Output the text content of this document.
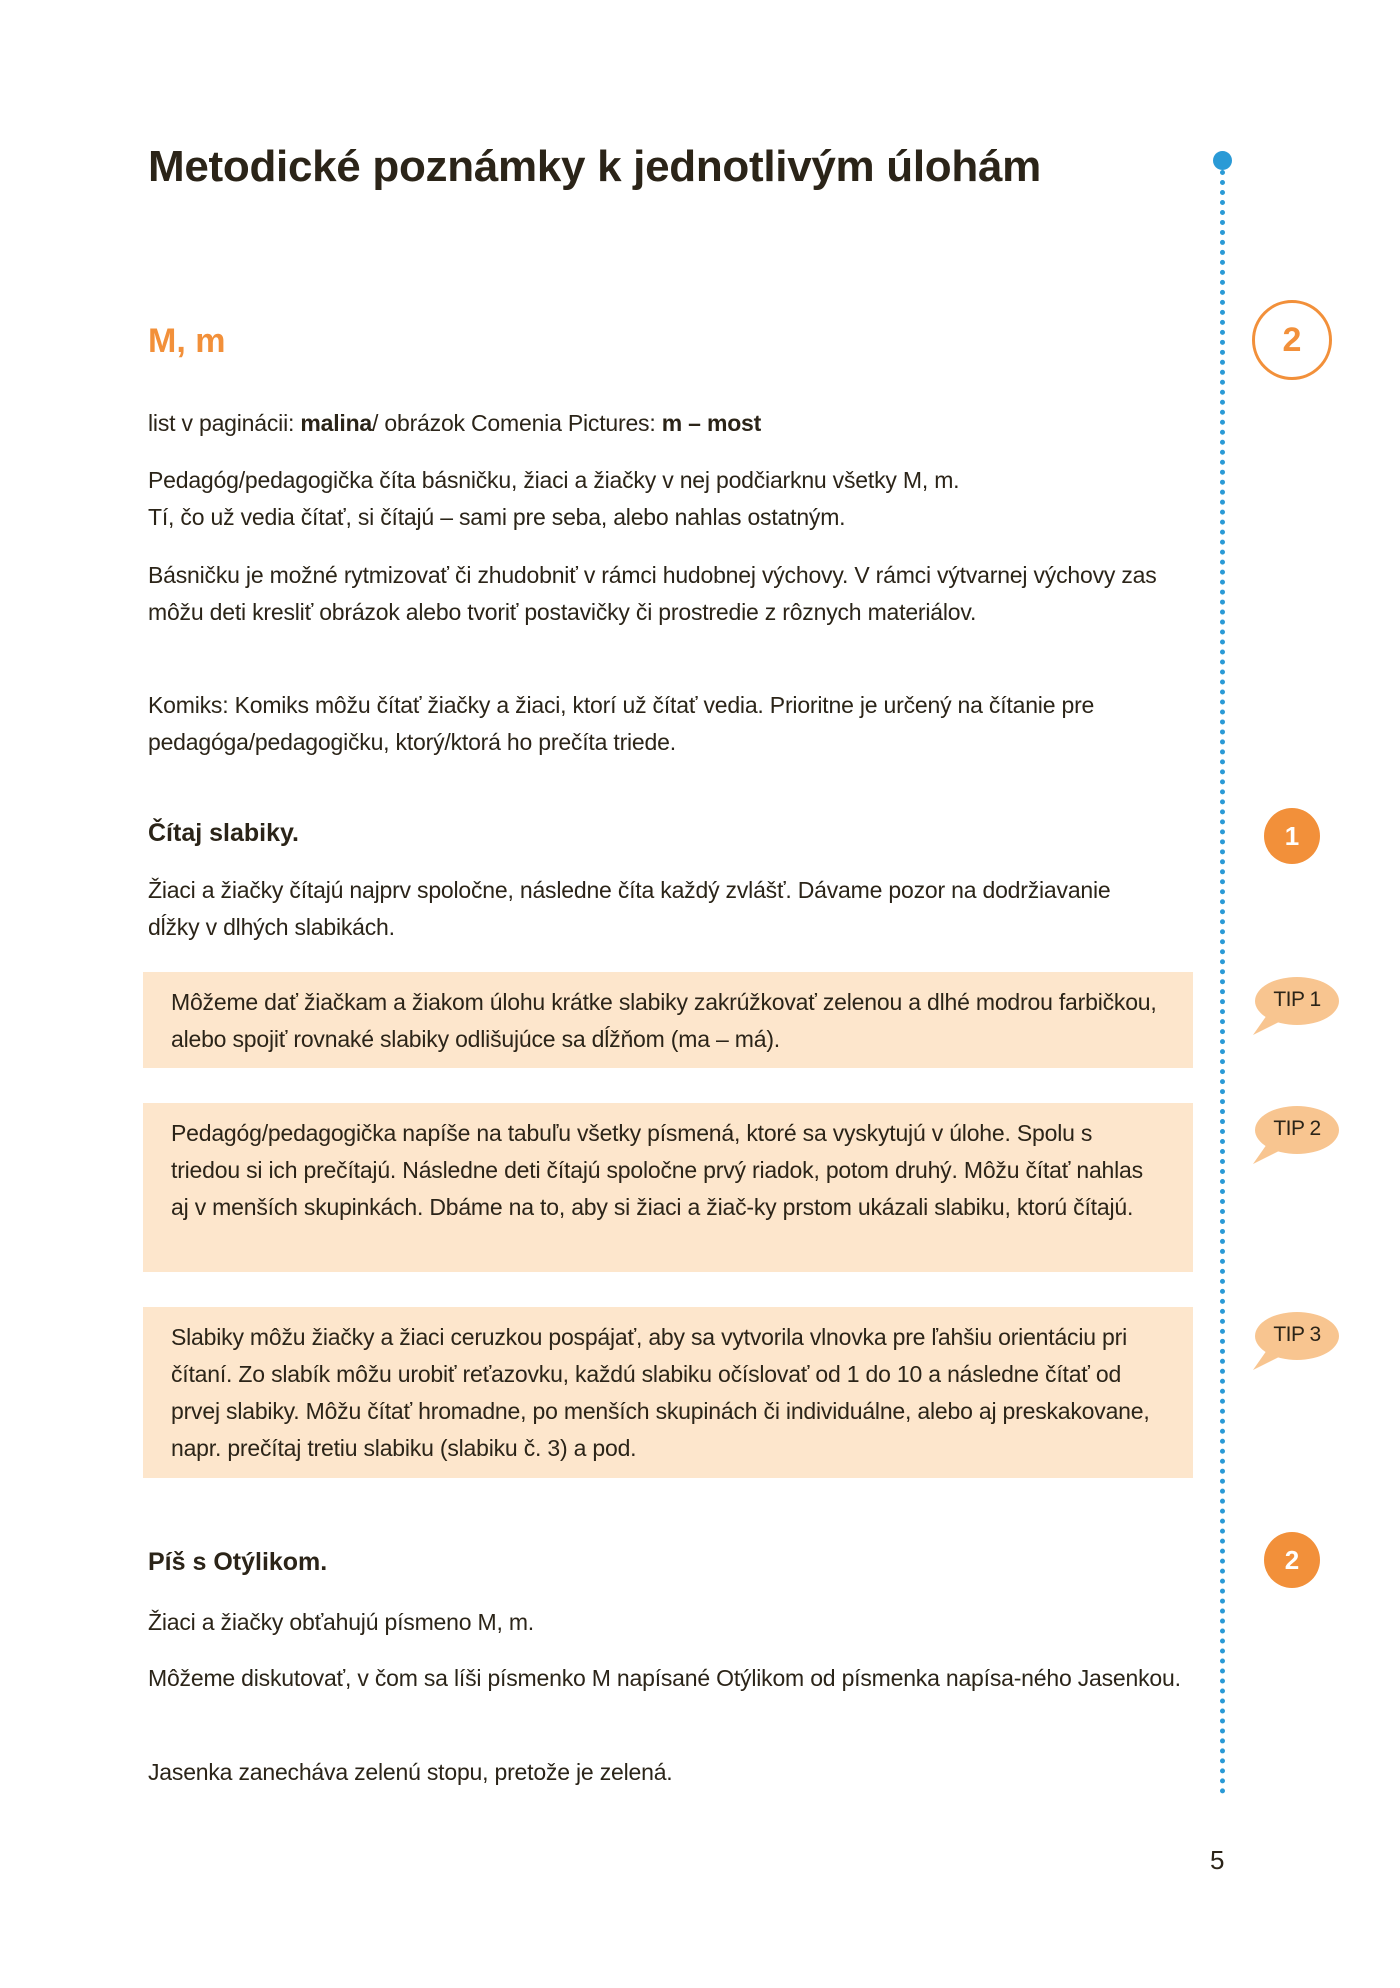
Metodické poznámky k jednotlivým úlohám
M, m	2
list v paginácii: malina/ obrázok Comenia Pictures: m – most

Pedagóg/pedagogička číta básničku, žiaci a žiačky v nej podčiarknu všetky M, m.

Tí, čo už vedia čítať, si čítajú – sami pre seba, alebo nahlas ostatným.

Básničku je možné rytmizovať či zhudobniť v rámci hudobnej výchovy. V rámci výtvarnej výchovy zas môžu deti kresliť obrázok alebo tvoriť postavičky či prostredie z rôznych materiálov.

Komiks: Komiks môžu čítať žiačky a žiaci, ktorí už čítať vedia. Prioritne je určený na čítanie pre pedagóga/pedagogičku, ktorý/ktorá ho prečíta triede.

Čítaj slabiky.	1

Žiaci a žiačky čítajú najprv spoločne, následne číta každý zvlášť. Dávame pozor na dodržiavanie dĺžky v dlhých slabikách.

Môžeme dať žiačkam a žiakom úlohu krátke slabiky zakrúžkovať zelenou a dlhé modrou farbičkou, alebo spojiť rovnaké slabiky odlišujúce sa dĺžňom (ma – má).

TIP 1

Pedagóg/pedagogička napíše na tabuľu všetky písmená, ktoré sa vyskytujú v úlohe. Spolu s triedou si ich prečítajú. Následne deti čítajú spoločne prvý riadok, potom druhý. Môžu čítať nahlas aj v menších skupinkách. Dbáme na to, aby si žiaci a žiač-ky prstom ukázali slabiku, ktorú čítajú.

TIP 2

Slabiky môžu žiačky a žiaci ceruzkou pospájať, aby sa vytvorila vlnovka pre ľahšiu orientáciu pri čítaní. Zo slabík môžu urobiť reťazovku, každú slabiku očíslovať od 1 do 10 a následne čítať od prvej slabiky. Môžu čítať hromadne, po menších skupinách či individuálne, alebo aj preskakovane, napr. prečítaj tretiu slabiku (slabiku č. 3) a pod.

TIP 3
Píš s Otýlikom.	2

Žiaci a žiačky obťahujú písmeno M, m.

Môžeme diskutovať, v čom sa líši písmenko M napísané Otýlikom od písmenka napísa-ného Jasenkou.

Jasenka zanecháva zelenú stopu, pretože je zelená.

5
